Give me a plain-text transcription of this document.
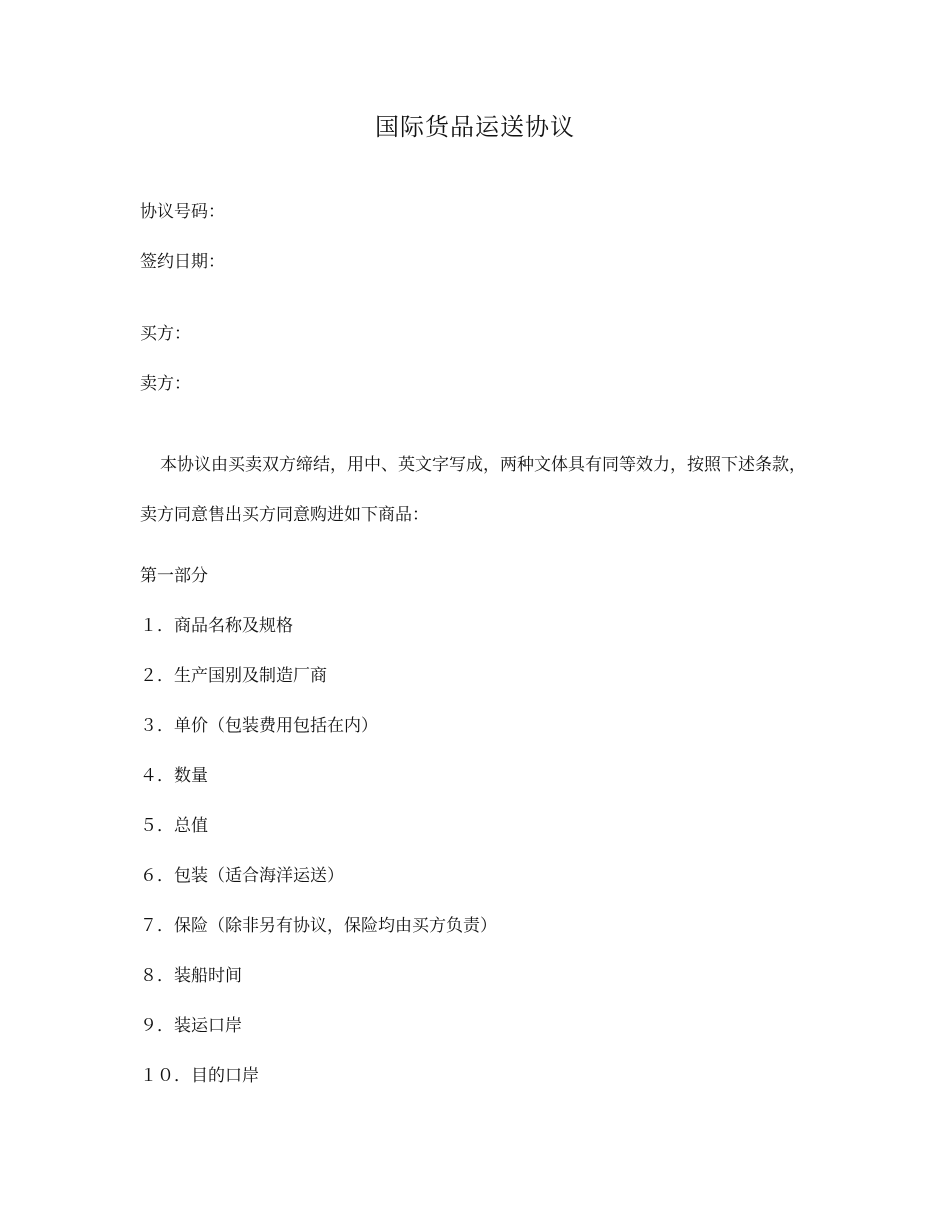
国际货品运送协议
协议号码：
签约日期：
买方：
卖方：

本协议由买卖双方缔结，用中、英文字写成，两种文体具有同等效力，按照下述条款，卖方同意售出买方同意购进如下商品：

第一部分
１．商品名称及规格
２．生产国别及制造厂商
３．单价（包装费用包括在内）
４．数量
５．总值
６．包装（适合海洋运送）
７．保险（除非另有协议，保险均由买方负责）
８．装船时间
９．装运口岸
１０．目的口岸
